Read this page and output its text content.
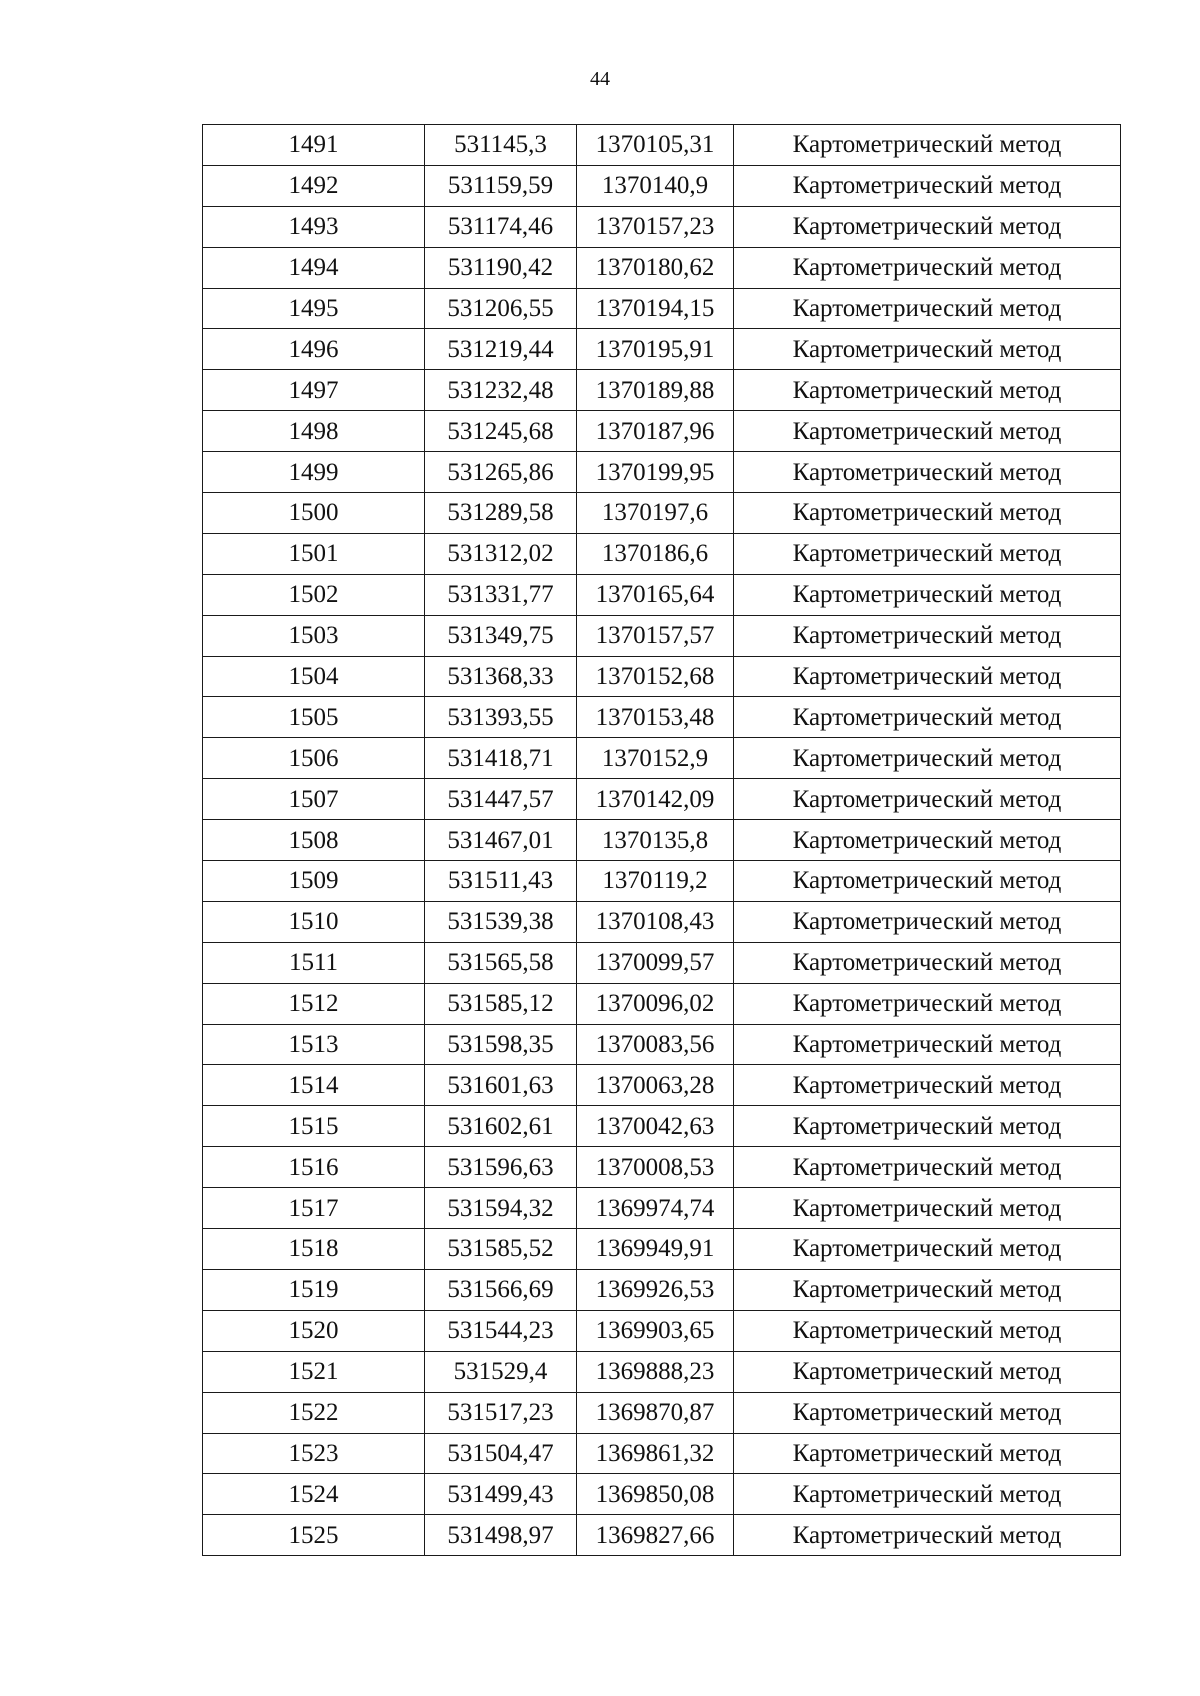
44
1491	531145,3	1370105,31	Картометрический метод
1492	531159,59	1370140,9	Картометрический метод
1493	531174,46	1370157,23	Картометрический метод
1494	531190,42	1370180,62	Картометрический метод
1495	531206,55	1370194,15	Картометрический метод
1496	531219,44	1370195,91	Картометрический метод
1497	531232,48	1370189,88	Картометрический метод
1498	531245,68	1370187,96	Картометрический метод
1499	531265,86	1370199,95	Картометрический метод
1500	531289,58	1370197,6	Картометрический метод
1501	531312,02	1370186,6	Картометрический метод
1502	531331,77	1370165,64	Картометрический метод
1503	531349,75	1370157,57	Картометрический метод
1504	531368,33	1370152,68	Картометрический метод
1505	531393,55	1370153,48	Картометрический метод
1506	531418,71	1370152,9	Картометрический метод
1507	531447,57	1370142,09	Картометрический метод
1508	531467,01	1370135,8	Картометрический метод
1509	531511,43	1370119,2	Картометрический метод
1510	531539,38	1370108,43	Картометрический метод
1511	531565,58	1370099,57	Картометрический метод
1512	531585,12	1370096,02	Картометрический метод
1513	531598,35	1370083,56	Картометрический метод
1514	531601,63	1370063,28	Картометрический метод
1515	531602,61	1370042,63	Картометрический метод
1516	531596,63	1370008,53	Картометрический метод
1517	531594,32	1369974,74	Картометрический метод
1518	531585,52	1369949,91	Картометрический метод
1519	531566,69	1369926,53	Картометрический метод
1520	531544,23	1369903,65	Картометрический метод
1521	531529,4	1369888,23	Картометрический метод
1522	531517,23	1369870,87	Картометрический метод
1523	531504,47	1369861,32	Картометрический метод
1524	531499,43	1369850,08	Картометрический метод
1525	531498,97	1369827,66	Картометрический метод
